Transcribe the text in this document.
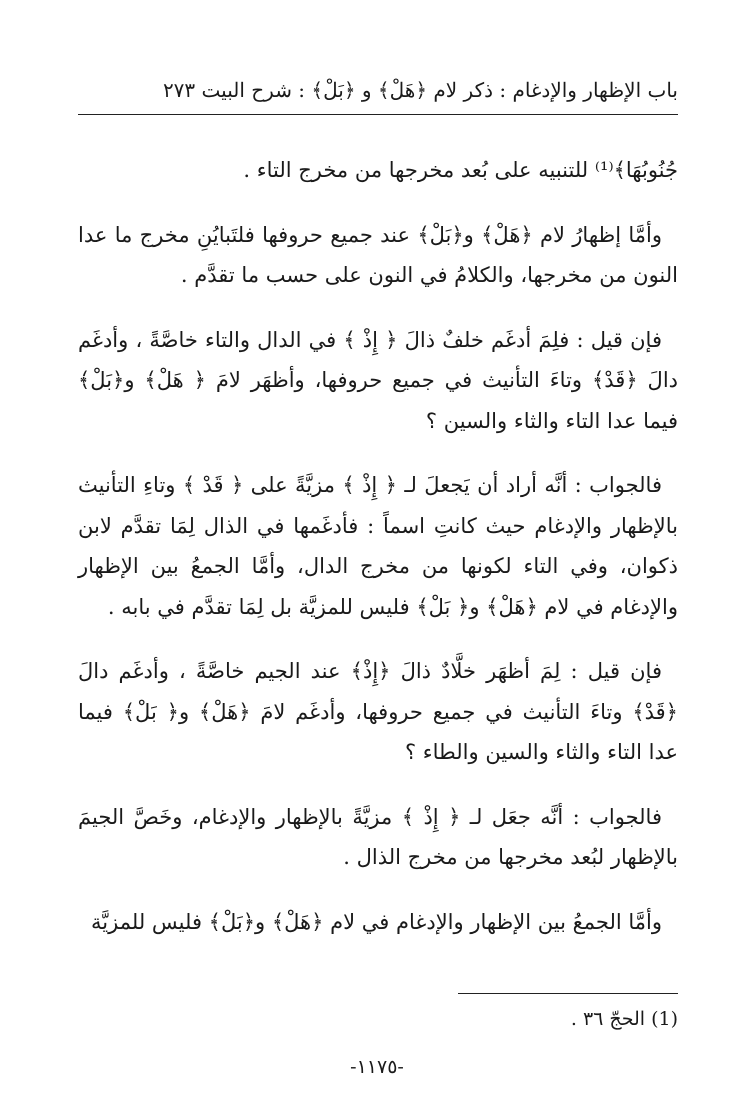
باب الإظهار والإدغام : ذكر لام ﴿هَلْ﴾ و ﴿بَلْ﴾ : شرح البيت ٢٧٣

جُنُوبُهَا﴾⁽¹⁾ للتنبيه على بُعد مخرجها من مخرج التاء .

وأمَّا إظهارُ لام ﴿هَلْ﴾ و﴿بَلْ﴾ عند جميع حروفها فلتَبايُنِ مخرج ما عدا النون من مخرجها، والكلامُ في النون على حسب ما تقدَّم .

فإن قيل : فلِمَ أدغَم خلفٌ ذالَ ﴿ إِذْ ﴾ في الدال والتاء خاصَّةً ، وأدغَم دالَ ﴿قَدْ﴾ وتاءَ التأنيث في جميع حروفها، وأظهَر لامَ ﴿ هَلْ﴾ و﴿بَلْ﴾ فيما عدا التاء والثاء والسين ؟

فالجواب : أنَّه أراد أن يَجعلَ لـ ﴿ إِذْ ﴾ مزيَّةً على ﴿ قَدْ ﴾ وتاءِ التأنيث بالإظهار والإدغام حيث كانتِ اسماً : فأدغَمها في الذال لِمَا تقدَّم لابن ذكوان، وفي التاء لكونها من مخرج الدال، وأمَّا الجمعُ بين الإظهار والإدغام في لام ﴿هَلْ﴾ و﴿ بَلْ﴾ فليس للمزيَّة بل لِمَا تقدَّم في بابه .

فإن قيل : لِمَ أظهَر خلَّادٌ ذالَ ﴿إِذْ﴾ عند الجيم خاصَّةً ، وأدغَم دالَ ﴿قَدْ﴾ وتاءَ التأنيث في جميع حروفها، وأدغَم لامَ ﴿هَلْ﴾ و﴿ بَلْ﴾ فيما عدا التاء والثاء والسين والطاء ؟

فالجواب : أنَّه جعَل لـ ﴿ إِذْ ﴾ مزيَّةً بالإظهار والإدغام، وخَصَّ الجيمَ بالإظهار لبُعد مخرجها من مخرج الذال .

وأمَّا الجمعُ بين الإظهار والإدغام في لام ﴿هَلْ﴾ و﴿بَلْ﴾ فليس للمزيَّة

(1) الحجّ ٣٦ .
-١١٧٥-
